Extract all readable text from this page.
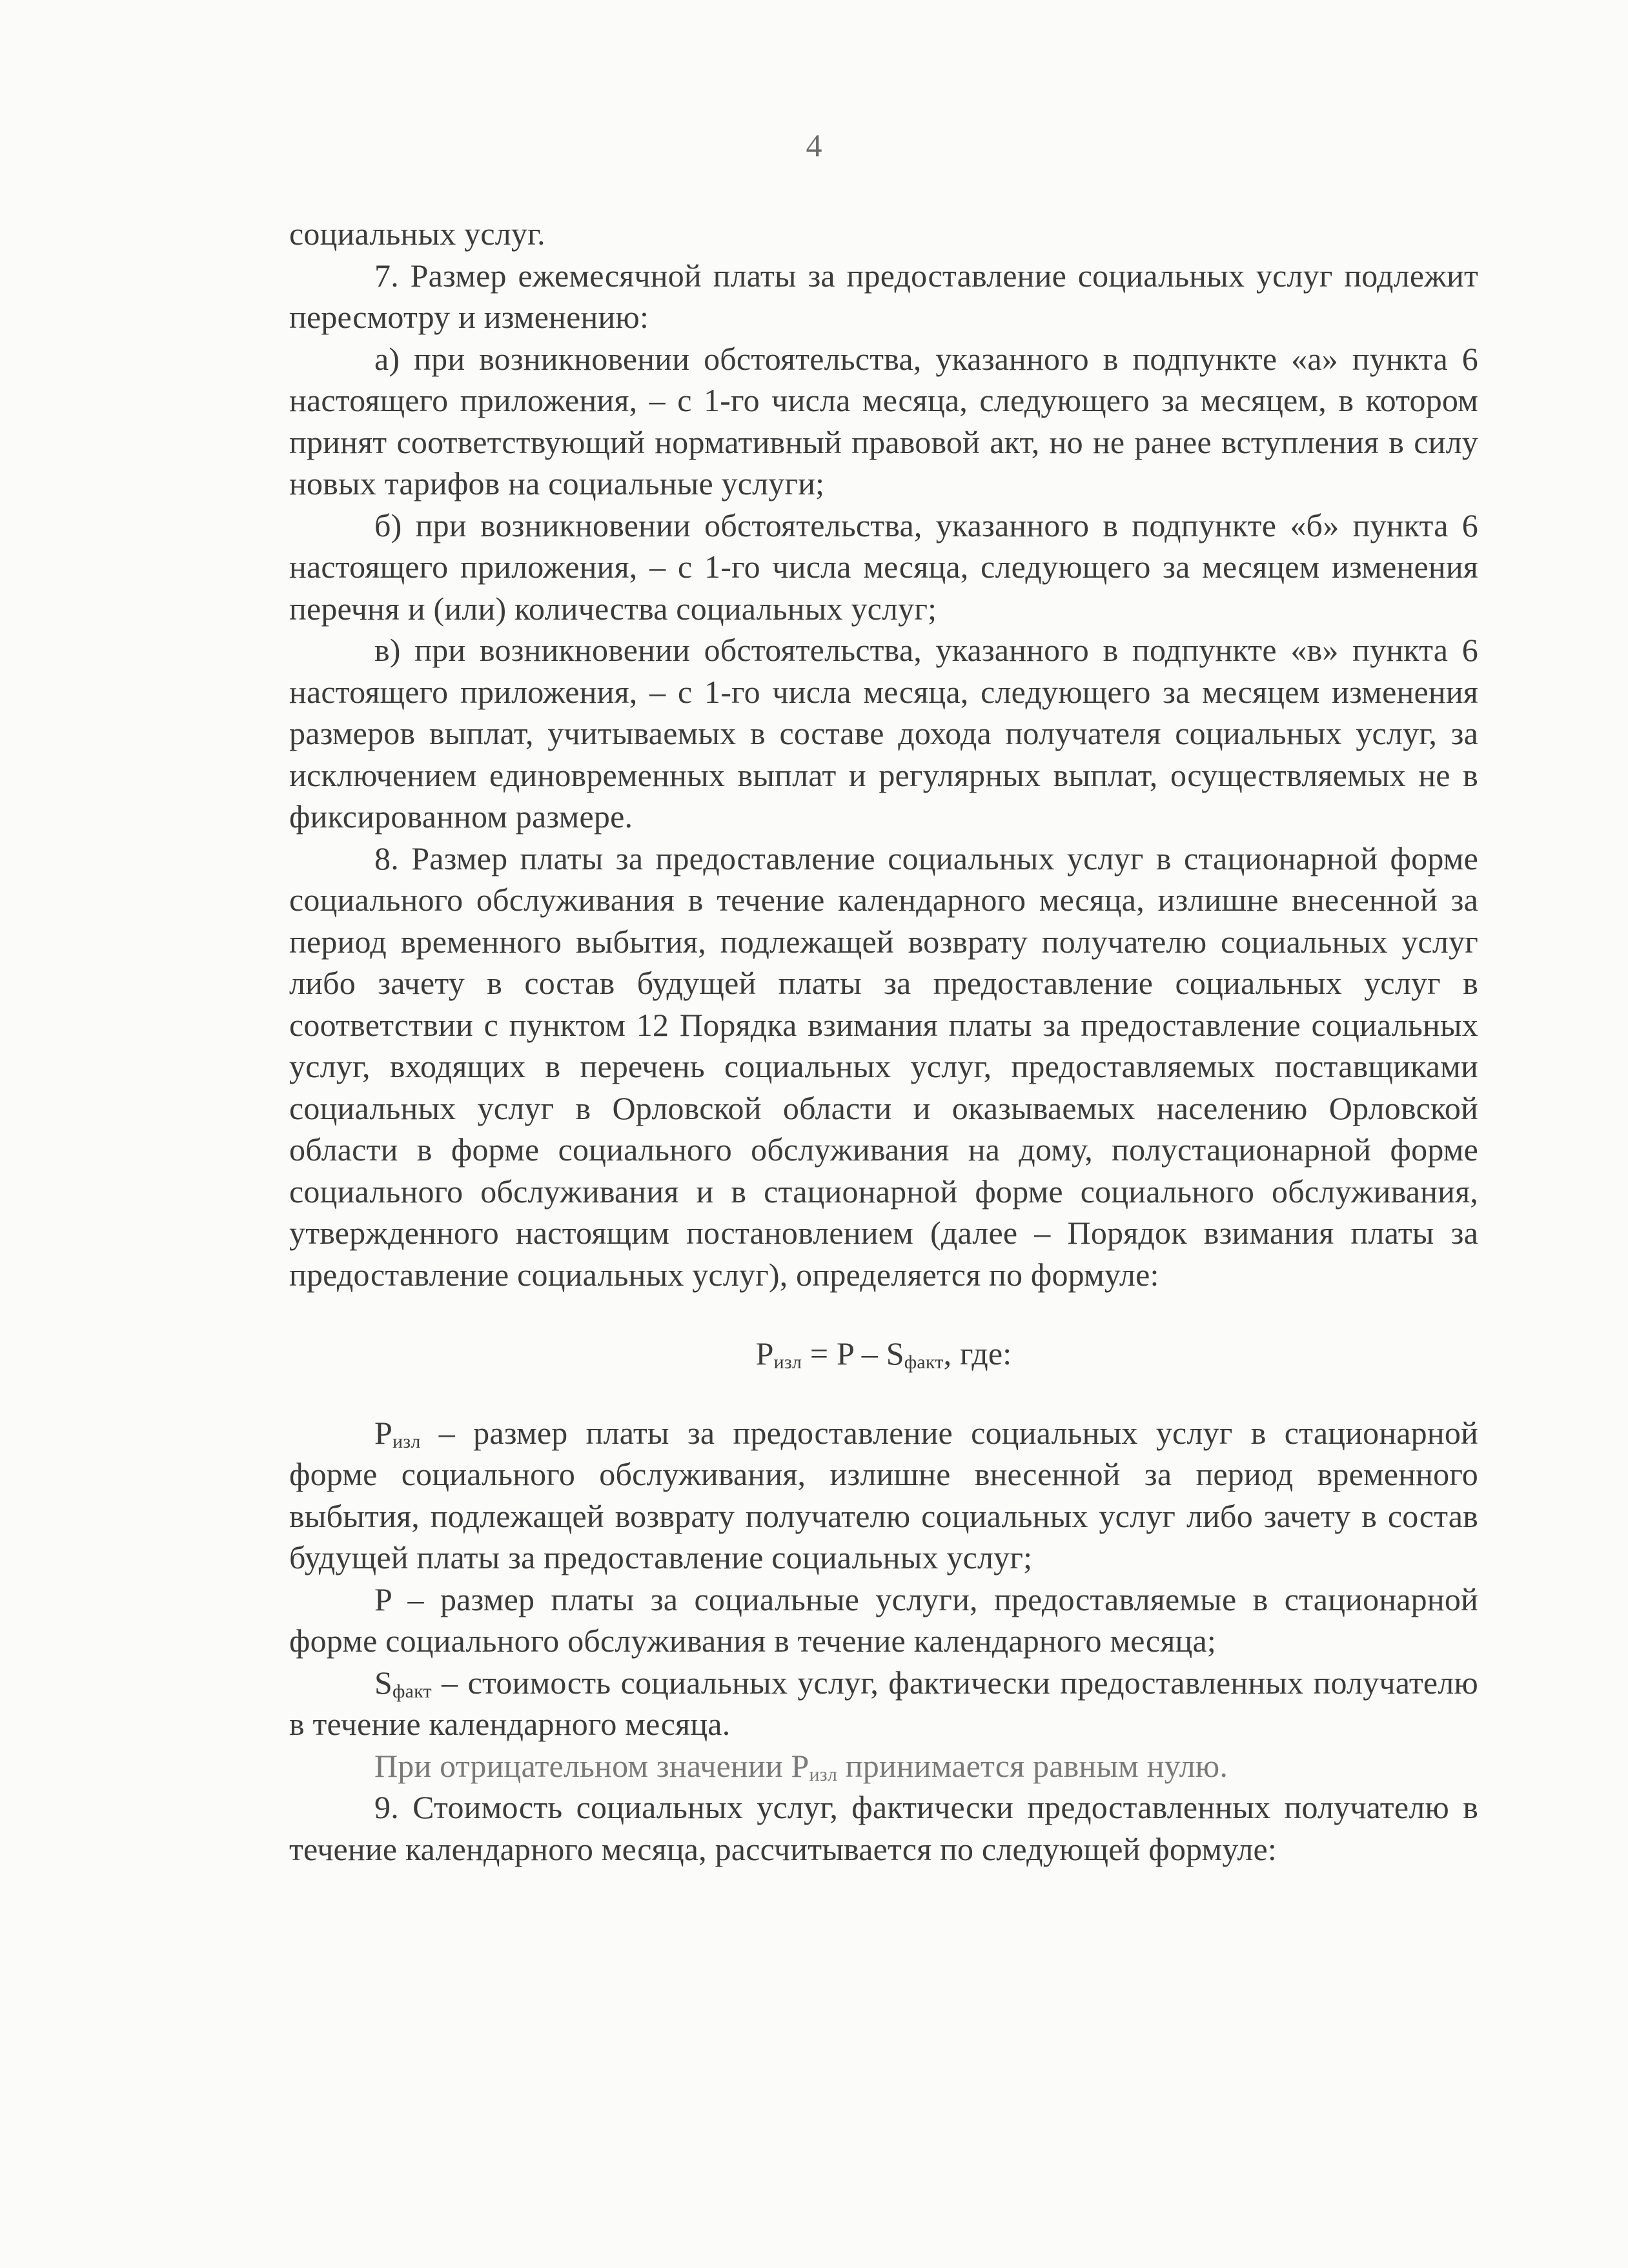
4

социальных услуг.

7. Размер ежемесячной платы за предоставление социальных услуг подлежит пересмотру и изменению:

а) при возникновении обстоятельства, указанного в подпункте «а» пункта 6 настоящего приложения, – с 1-го числа месяца, следующего за месяцем, в котором принят соответствующий нормативный правовой акт, но не ранее вступления в силу новых тарифов на социальные услуги;

б) при возникновении обстоятельства, указанного в подпункте «б» пункта 6 настоящего приложения, – с 1-го числа месяца, следующего за месяцем изменения перечня и (или) количества социальных услуг;

в) при возникновении обстоятельства, указанного в подпункте «в» пункта 6 настоящего приложения, – с 1-го числа месяца, следующего за месяцем изменения размеров выплат, учитываемых в составе дохода получателя социальных услуг, за исключением единовременных выплат и регулярных выплат, осуществляемых не в фиксированном размере.

8. Размер платы за предоставление социальных услуг в стационарной форме социального обслуживания в течение календарного месяца, излишне внесенной за период временного выбытия, подлежащей возврату получателю социальных услуг либо зачету в состав будущей платы за предоставление социальных услуг в соответствии с пунктом 12 Порядка взимания платы за предоставление социальных услуг, входящих в перечень социальных услуг, предоставляемых поставщиками социальных услуг в Орловской области и оказываемых населению Орловской области в форме социального обслуживания на дому, полустационарной форме социального обслуживания и в стационарной форме социального обслуживания, утвержденного настоящим постановлением (далее – Порядок взимания платы за предоставление социальных услуг), определяется по формуле:

$P_{изл} = P - S_{факт}$, где:

$P_{изл}$ – размер платы за предоставление социальных услуг в стационарной форме социального обслуживания, излишне внесенной за период временного выбытия, подлежащей возврату получателю социальных услуг либо зачету в состав будущей платы за предоставление социальных услуг;

P – размер платы за социальные услуги, предоставляемые в стационарной форме социального обслуживания в течение календарного месяца;

$S_{факт}$ – стоимость социальных услуг, фактически предоставленных получателю в течение календарного месяца.

При отрицательном значении $P_{изл}$ принимается равным нулю.

9. Стоимость социальных услуг, фактически предоставленных получателю в течение календарного месяца, рассчитывается по следующей формуле:
